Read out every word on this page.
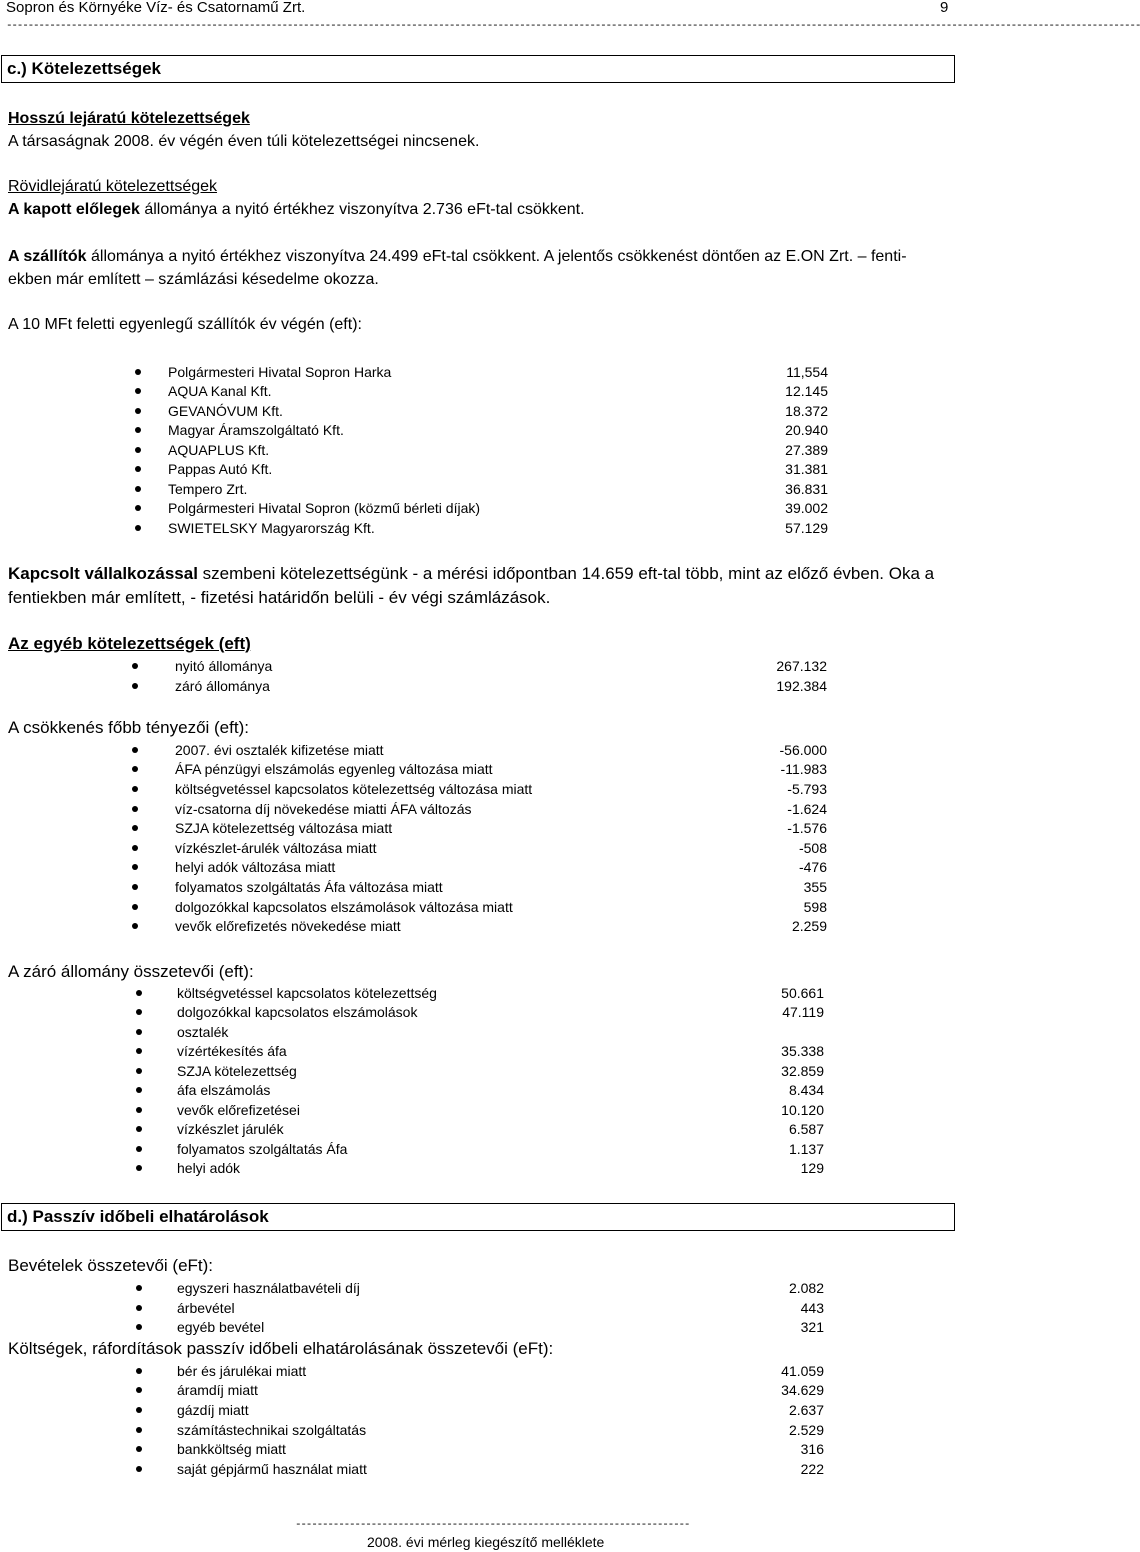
Sopron és Környéke Víz- és Csatornamű Zrt.	9
------------------------------------------------------------------------------------------------------------------------------------------------------------------------------------------------------------------
c.) Kötelezettségek
Hosszú lejáratú kötelezettségek
A társaságnak 2008. év végén éven túli kötelezettségei nincsenek.
Rövidlejáratú kötelezettségek
A kapott előlegek állománya a nyitó értékhez viszonyítva 2.736 eFt-tal csökkent.
A szállítók állománya a nyitó értékhez viszonyítva 24.499 eFt-tal csökkent. A jelentős csökkenést döntően az E.ON Zrt. – fenti-
ekben már említett – számlázási késedelme okozza.
A 10 MFt feletti egyenlegű szállítók év végén (eft):
Polgármesteri Hivatal Sopron Harka	11,554
AQUA Kanal Kft.	12.145
GEVANÓVUM Kft.	18.372
Magyar Áramszolgáltató Kft.	20.940
AQUAPLUS Kft.	27.389
Pappas Autó Kft.	31.381
Tempero Zrt.	36.831
Polgármesteri Hivatal Sopron (közmű bérleti díjak)	39.002
SWIETELSKY Magyarország Kft.	57.129
Kapcsolt vállalkozással szembeni kötelezettségünk - a mérési időpontban 14.659 eft-tal több, mint az előző évben. Oka a
fentiekben már említett, - fizetési határidőn belüli - év végi számlázások.
Az egyéb kötelezettségek (eft)
nyitó állománya	267.132
záró állománya	192.384
A csökkenés főbb tényezői (eft):
2007. évi osztalék kifizetése miatt	-56.000
ÁFA pénzügyi elszámolás egyenleg változása miatt	-11.983
költségvetéssel kapcsolatos kötelezettség változása miatt	-5.793
víz-csatorna díj növekedése miatti ÁFA változás	-1.624
SZJA kötelezettség változása miatt	-1.576
vízkészlet-árulék változása miatt	-508
helyi adók változása miatt	-476
folyamatos szolgáltatás Áfa változása miatt	355
dolgozókkal kapcsolatos elszámolások változása miatt	598
vevők előrefizetés növekedése miatt	2.259
A záró állomány összetevői (eft):
költségvetéssel kapcsolatos kötelezettség	50.661
dolgozókkal kapcsolatos elszámolások	47.119
osztalék
vízértékesítés áfa	35.338
SZJA kötelezettség	32.859
áfa elszámolás	8.434
vevők előrefizetései	10.120
vízkészlet járulék	6.587
folyamatos szolgáltatás Áfa	1.137
helyi adók	129
d.) Passzív időbeli elhatárolások
Bevételek összetevői (eFt):
egyszeri használatbavételi díj	2.082
árbevétel	443
egyéb bevétel	321
Költségek, ráfordítások passzív időbeli elhatárolásának összetevői (eFt):
bér és járulékai miatt	41.059
áramdíj miatt	34.629
gázdíj miatt	2.637
számítástechnikai szolgáltatás	2.529
bankköltség miatt	316
saját gépjármű használat miatt	222
-------------------------------------------------------------------------
2008. évi mérleg kiegészítő melléklete
